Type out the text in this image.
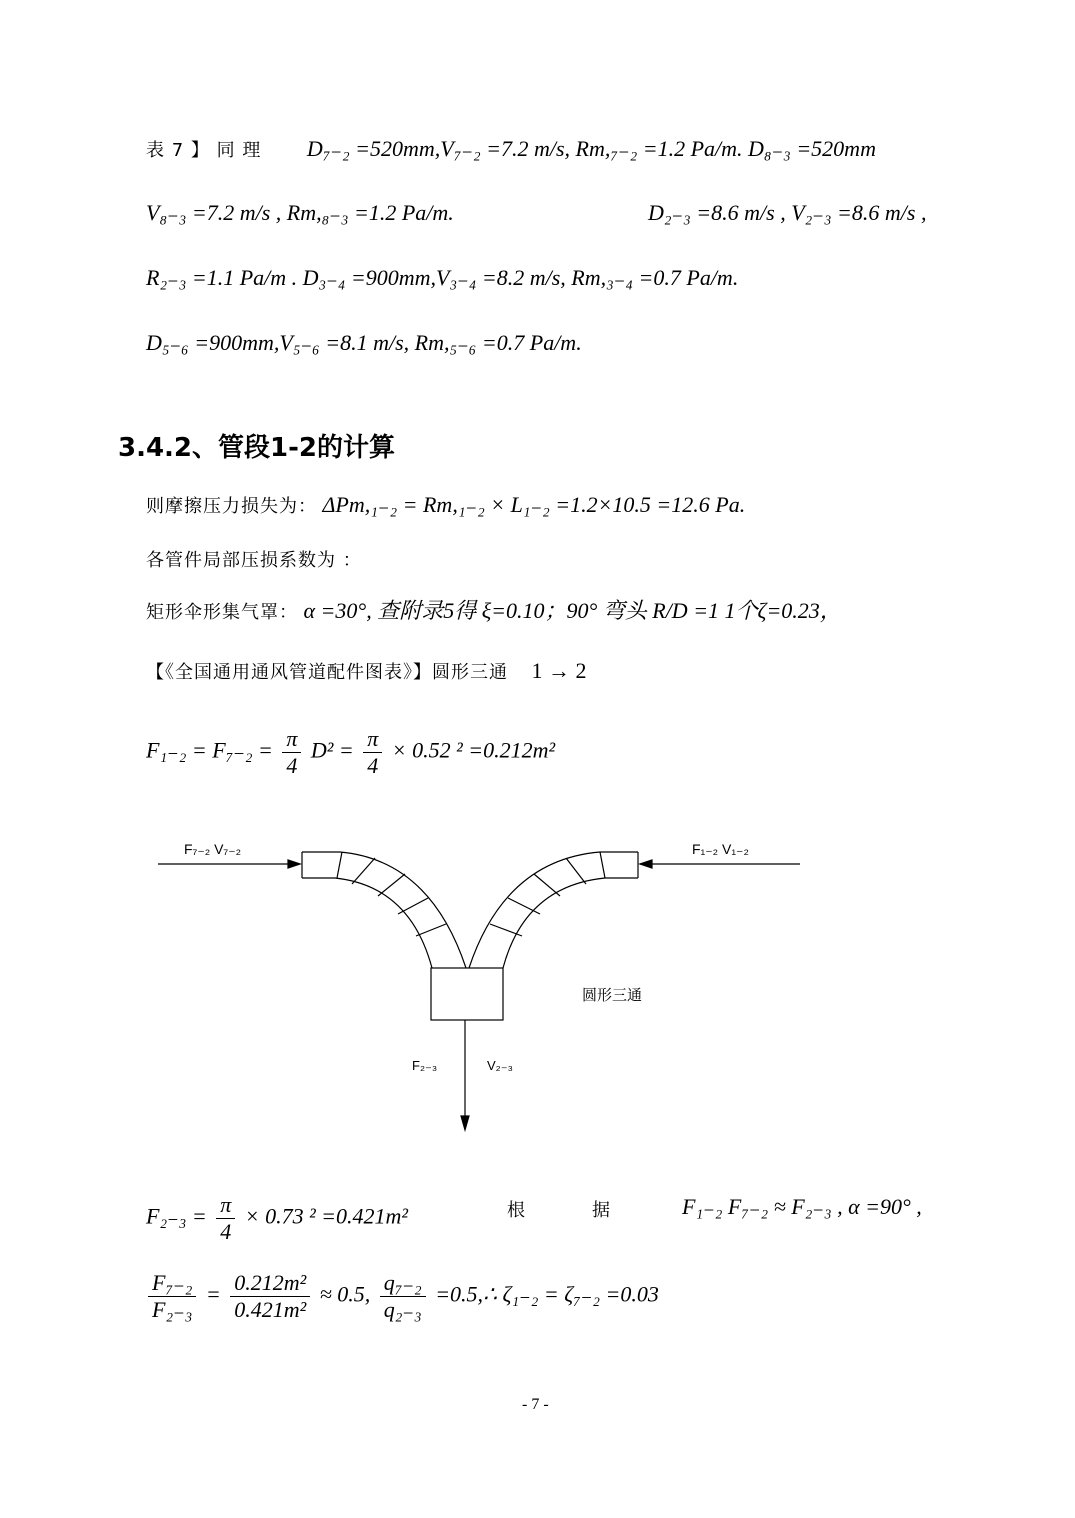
表 7 】 同 理 D₇₋₂ =520mm,V₇₋₂ =7.2 m/s, Rm,₇₋₂ =1.2 Pa/m. D₈₋₃ =520mm
V₈₋₃ =7.2 m/s , Rm,₈₋₃ =1.2 Pa/m.	D₂₋₃ =8.6 m/s , V₂₋₃ =8.6 m/s ,
R₂₋₃ =1.1 Pa/m . D₃₋₄ =900mm,V₃₋₄ =8.2 m/s, Rm,₃₋₄ =0.7 Pa/m.
D₅₋₆ =900mm,V₅₋₆ =8.1 m/s, Rm,₅₋₆ =0.7 Pa/m.
3.4.2、管段1-2的计算
则摩擦压力损失为： ΔPm,₁₋₂ = Rm,₁₋₂ × L₁₋₂ =1.2×10.5 =12.6 Pa.
各管件局部压损系数为 ：
矩形伞形集气罩： α =30°, 查附录5得 ξ=0.10；90° 弯头 R/D =1 1个ζ=0.23，
【《全国通用通风管道配件图表》】圆形三通 1 → 2
$F_{1-2} = F_{7-2} = \frac{\pi}{4} D^2 = \frac{\pi}{4} \times 0.52$ ² =0.212m²
F₇₋₂ V₇₋₂	F₁₋₂ V₁₋₂
圆形三通
F₂₋₃	V₂₋₃
$F_{2-3} = \frac{\pi}{4} \times 0.73$ ² =0.421m²	根	据	F₁₋₂ F₇₋₂ ≈ F₂₋₃ , α =90° ,
$\frac{\text{F₇₋₂}}{\text{F₂₋₃}} = \frac{\text{0.212m²}}{\text{0.421m²}} \approx 0.5$, $\frac{\text{q₇₋₂}}{\text{q₂₋₃}}$ =0.5,∴ ζ₁₋₂ = ζ₇₋₂ =0.03
- 7 -
